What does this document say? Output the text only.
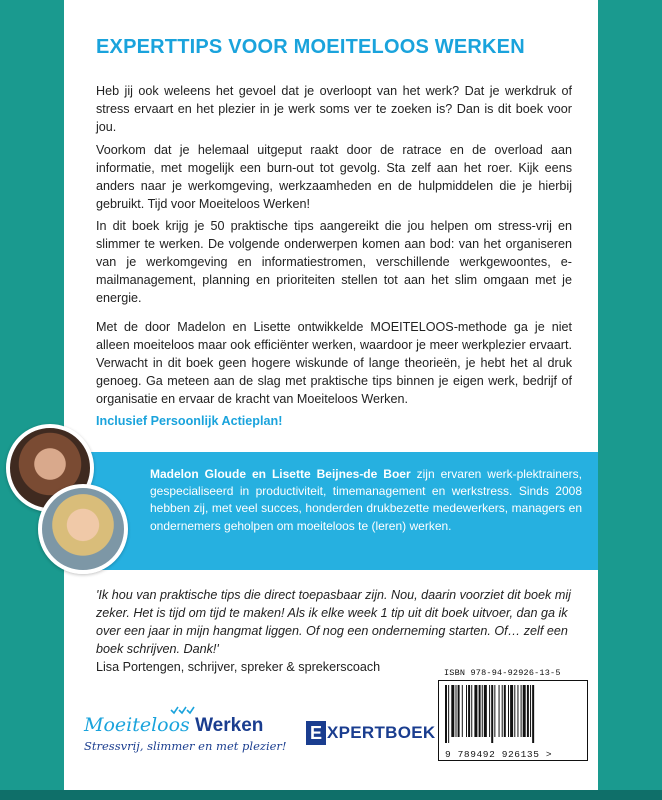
EXPERTTIPS VOOR MOEITELOOS WERKEN

Heb jij ook weleens het gevoel dat je overloopt van het werk? Dat je werkdruk of stress ervaart en het plezier in je werk soms ver te zoeken is? Dan is dit boek voor jou.

Voorkom dat je helemaal uitgeput raakt door de ratrace en de overload aan informatie, met mogelijk een burn-out tot gevolg. Sta zelf aan het roer. Kijk eens anders naar je werkomgeving, werkzaamheden en de hulpmiddelen die je hierbij gebruikt. Tijd voor Moeiteloos Werken!

In dit boek krijg je 50 praktische tips aangereikt die jou helpen om stress-vrij en slimmer te werken. De volgende onderwerpen komen aan bod: van het organiseren van je werkomgeving en informatiestromen, verschillende werkgewoontes, e-mailmanagement, planning en prioriteiten stellen tot aan het slim omgaan met je energie.

Met de door Madelon en Lisette ontwikkelde MOEITELOOS-methode ga je niet alleen moeiteloos maar ook efficiënter werken, waardoor je meer werkplezier ervaart. Verwacht in dit boek geen hogere wiskunde of lange theorieën, je hebt het al druk genoeg. Ga meteen aan de slag met praktische tips binnen je eigen werk, bedrijf of organisatie en ervaar de kracht van Moeiteloos Werken.

Inclusief Persoonlijk Actieplan!

Madelon Gloude en Lisette Beijnes-de Boer zijn ervaren werk-plektrainers, gespecialiseerd in productiviteit, timemanagement en werkstress. Sinds 2008 hebben zij, met veel succes, honderden drukbezette medewerkers, managers en ondernemers geholpen om moeiteloos te (leren) werken.

'Ik hou van praktische tips die direct toepasbaar zijn. Nou, daarin voorziet dit boek mij zeker. Het is tijd om tijd te maken! Als ik elke week 1 tip uit dit boek uitvoer, dan ga ik over een jaar in mijn hangmat liggen. Of nog een onderneming starten. Of… zelf een boek schrijven. Dank!'

Lisa Portengen, schrijver, spreker & sprekerscoach

Moeiteloos Werken
Stressvrij, slimmer en met plezier!
E XPERTBOEK

ISBN 978-94-92926-13-5

9 789492 926135 >
